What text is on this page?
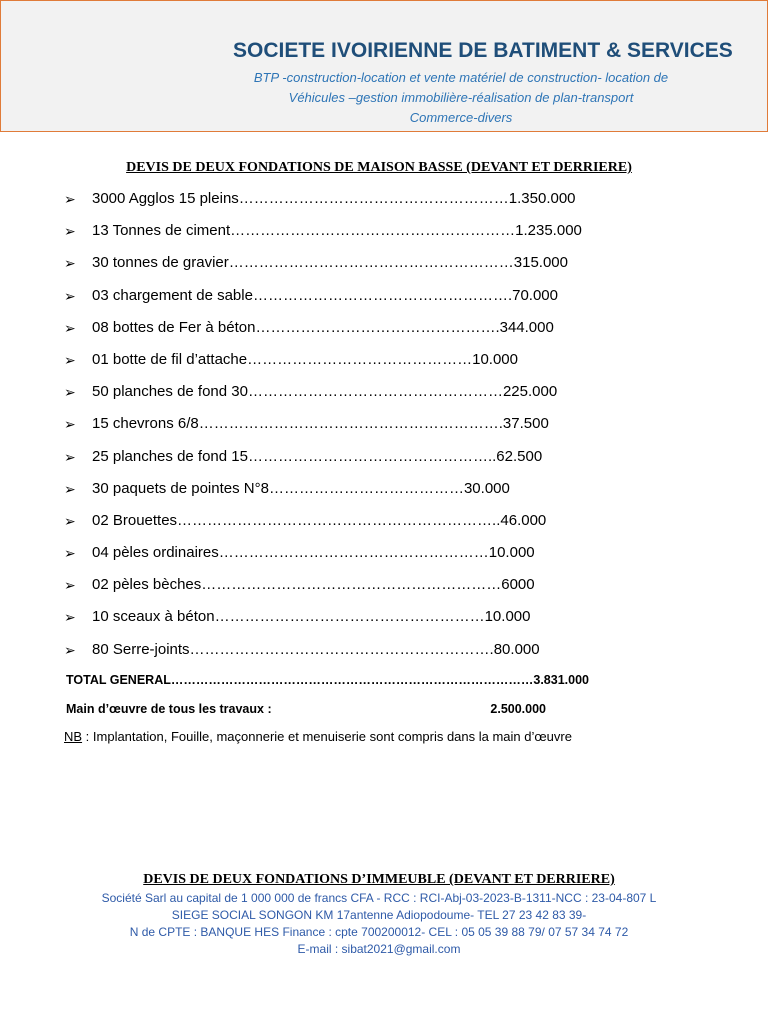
SOCIETE IVOIRIENNE DE BATIMENT & SERVICES
BTP -construction-location et vente matériel de construction- location de
Véhicules –gestion immobilière-réalisation de plan-transport
Commerce-divers
DEVIS DE DEUX FONDATIONS DE MAISON BASSE (DEVANT ET DERRIERE)
➢	3000 Agglos 15 pleins………………………………………………1.350.000
➢	13 Tonnes de ciment…………………………………………………1.235.000
➢	30 tonnes de gravier…………………………………………………315.000
➢	03 chargement de sable…………………………………………….70.000
➢	08 bottes de Fer à béton………………………………………….344.000
➢	01 botte de fil d’attache………………………………………10.000
➢	50 planches de fond 30……………………………………………225.000
➢	15 chevrons 6/8…………………………………………………….37.500
➢	25 planches de fond 15…………………………………………..62.500
➢	30 paquets de pointes N°8…………………………………30.000
➢	02 Brouettes………………………………………………………..46.000
➢	04 pèles ordinaires………………………………………………10.000
➢	02 pèles bèches……………………………………………………6000
➢	10 sceaux à béton………………………………………………10.000
➢	80 Serre-joints…………………………………………………….80.000
TOTAL GENERAL……………………………………………………………………………3.831.000
Main d’œuvre de tous les travaux :	2.500.000
NB : Implantation, Fouille, maçonnerie et menuiserie sont compris dans la main d’œuvre
DEVIS DE DEUX FONDATIONS D’IMMEUBLE (DEVANT ET DERRIERE)
Société Sarl au capital de 1 000 000 de francs CFA - RCC : RCI-Abj-03-2023-B-1311-NCC : 23-04-807 L
SIEGE SOCIAL SONGON KM 17antenne Adiopodoume- TEL 27 23 42 83 39-
N de CPTE : BANQUE HES Finance : cpte 700200012- CEL : 05 05 39 88 79/ 07 57 34 74 72
E-mail : sibat2021@gmail.com
